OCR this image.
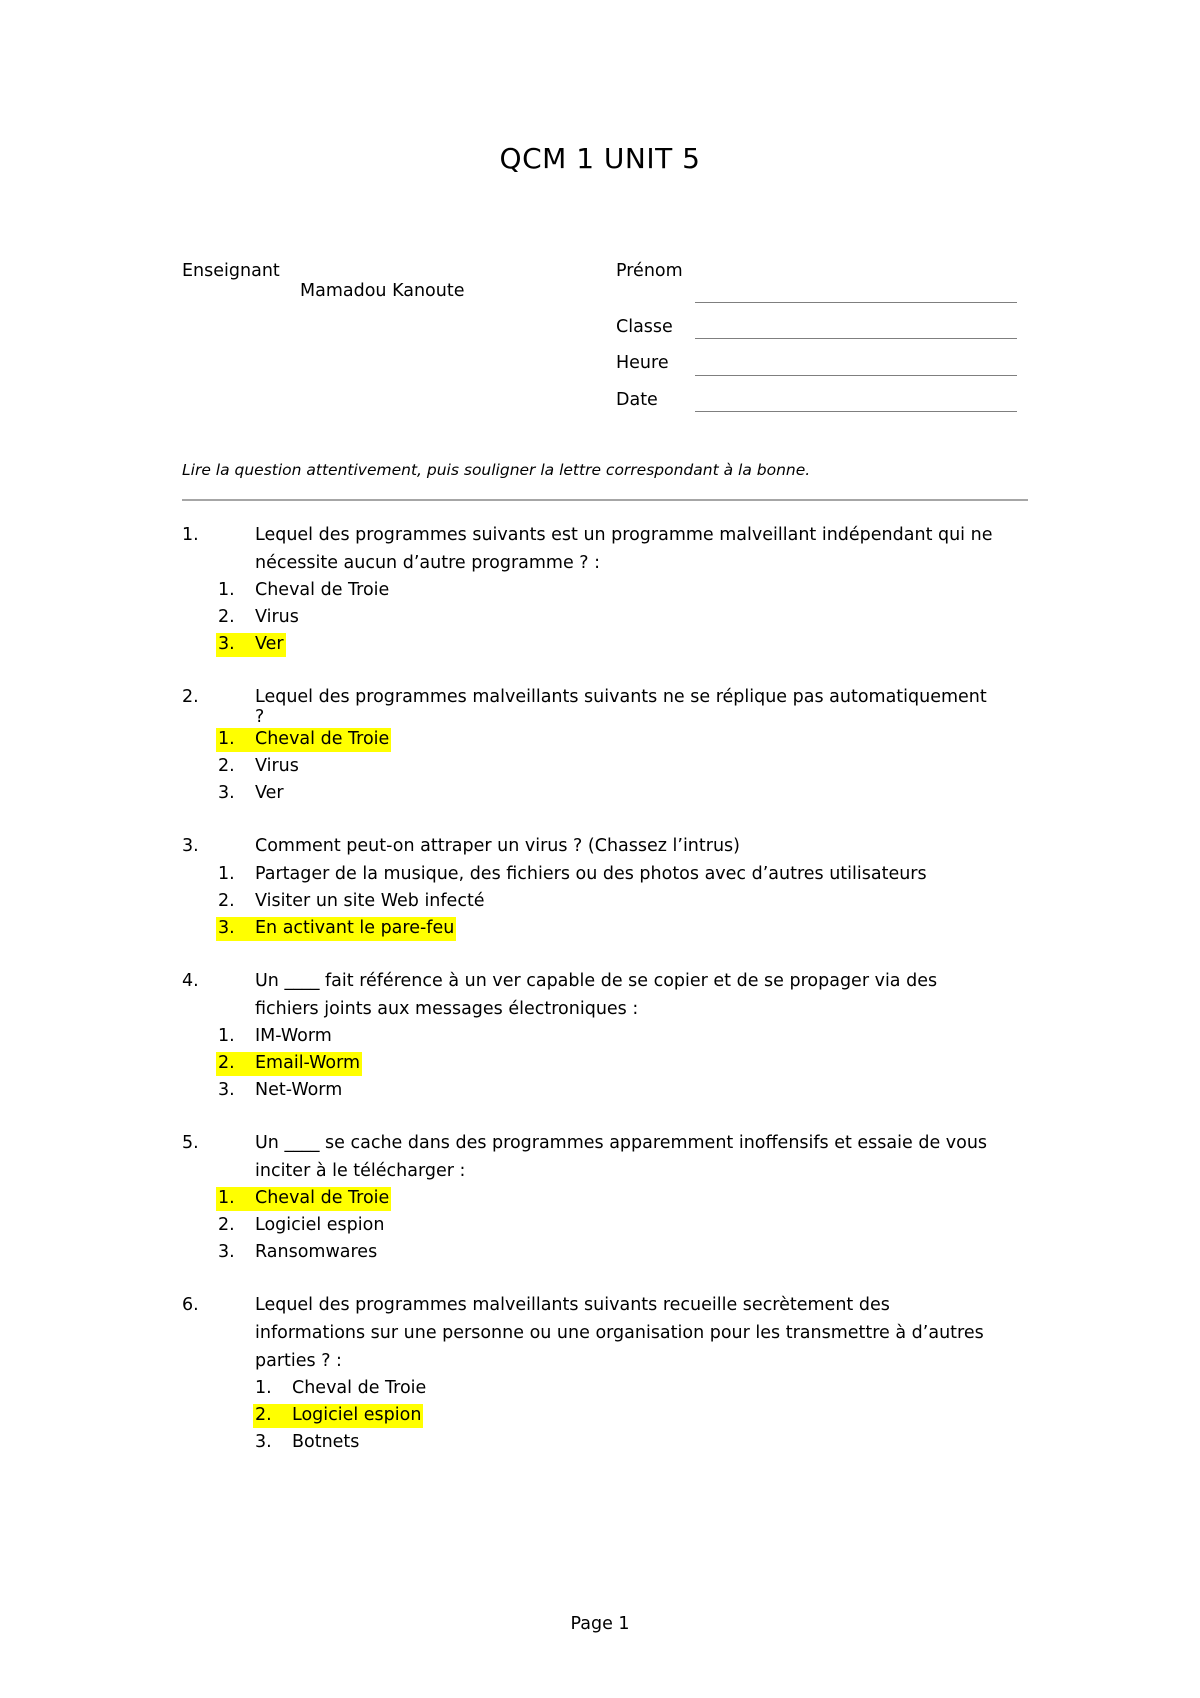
QCM 1 UNIT 5
Enseignant
Mamadou Kanoute
Prénom
Classe
Heure
Date
Lire la question attentivement, puis souligner la lettre correspondant à la bonne.
1.	Lequel des programmes suivants est un programme malveillant indépendant qui ne
nécessite aucun d’autre programme ? :
1. Cheval de Troie
2. Virus
3. Ver
2.	Lequel des programmes malveillants suivants ne se réplique pas automatiquement
?
1. Cheval de Troie
2. Virus
3. Ver
3.	Comment peut-on attraper un virus ? (Chassez l’intrus)
1. Partager de la musique, des fichiers ou des photos avec d’autres utilisateurs
2. Visiter un site Web infecté
3. En activant le pare-feu
4.	Un ____ fait référence à un ver capable de se copier et de se propager via des
fichiers joints aux messages électroniques :
1. IM-Worm
2. Email-Worm
3. Net-Worm
5.	Un ____ se cache dans des programmes apparemment inoffensifs et essaie de vous
inciter à le télécharger :
1. Cheval de Troie
2. Logiciel espion
3. Ransomwares
6.	Lequel des programmes malveillants suivants recueille secrètement des
informations sur une personne ou une organisation pour les transmettre à d’autres
parties ? :
1. Cheval de Troie
2. Logiciel espion
3. Botnets
Page 1
